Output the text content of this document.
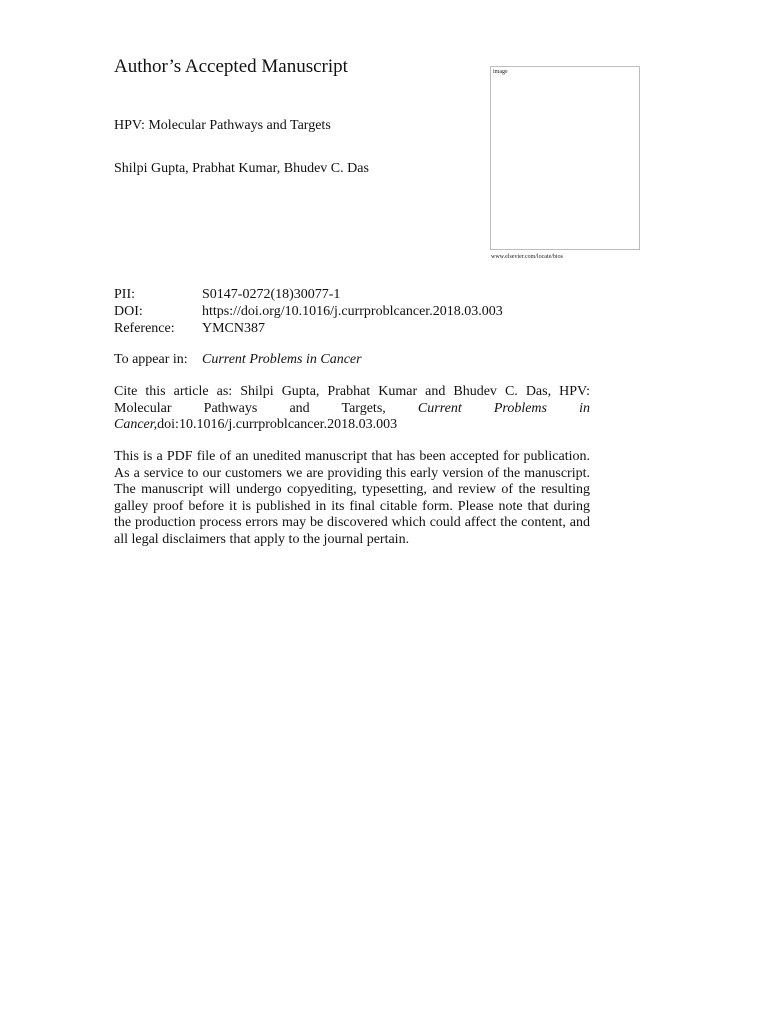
Author’s Accepted Manuscript
HPV: Molecular Pathways and Targets
Shilpi Gupta, Prabhat Kumar, Bhudev C. Das
image
www.elsevier.com/locate/bios
PII:	S0147-0272(18)30077-1
DOI:	https://doi.org/10.1016/j.currproblcancer.2018.03.003
Reference:	YMCN387
To appear in:	Current Problems in Cancer
Cite this article as: Shilpi Gupta, Prabhat Kumar and Bhudev C. Das, HPV:
Molecular Pathways and Targets, Current Problems in
Cancer,doi:10.1016/j.currproblcancer.2018.03.003
This is a PDF file of an unedited manuscript that has been accepted for publication. As a service to our customers we are providing this early version of the manuscript. The manuscript will undergo copyediting, typesetting, and review of the resulting galley proof before it is published in its final citable form. Please note that during the production process errors may be discovered which could affect the content, and all legal disclaimers that apply to the journal pertain.
